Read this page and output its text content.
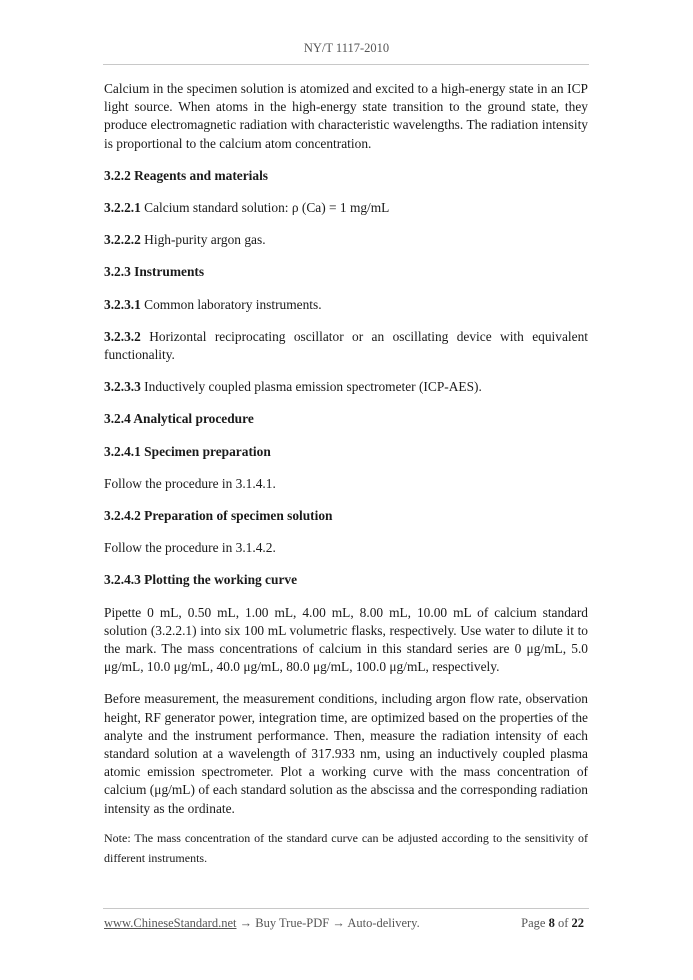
NY/T 1117-2010

Calcium in the specimen solution is atomized and excited to a high-energy state in an ICP light source. When atoms in the high-energy state transition to the ground state, they produce electromagnetic radiation with characteristic wavelengths. The radiation intensity is proportional to the calcium atom concentration.

3.2.2 Reagents and materials

3.2.2.1 Calcium standard solution: ρ (Ca) = 1 mg/mL

3.2.2.2 High-purity argon gas.

3.2.3 Instruments

3.2.3.1 Common laboratory instruments.

3.2.3.2 Horizontal reciprocating oscillator or an oscillating device with equivalent functionality.

3.2.3.3 Inductively coupled plasma emission spectrometer (ICP-AES).

3.2.4 Analytical procedure

3.2.4.1 Specimen preparation

Follow the procedure in 3.1.4.1.

3.2.4.2 Preparation of specimen solution

Follow the procedure in 3.1.4.2.

3.2.4.3 Plotting the working curve

Pipette 0 mL, 0.50 mL, 1.00 mL, 4.00 mL, 8.00 mL, 10.00 mL of calcium standard solution (3.2.2.1) into six 100 mL volumetric flasks, respectively. Use water to dilute it to the mark. The mass concentrations of calcium in this standard series are 0 μg/mL, 5.0 μg/mL, 10.0 μg/mL, 40.0 μg/mL, 80.0 μg/mL, 100.0 μg/mL, respectively.

Before measurement, the measurement conditions, including argon flow rate, observation height, RF generator power, integration time, are optimized based on the properties of the analyte and the instrument performance. Then, measure the radiation intensity of each standard solution at a wavelength of 317.933 nm, using an inductively coupled plasma atomic emission spectrometer. Plot a working curve with the mass concentration of calcium (μg/mL) of each standard solution as the abscissa and the corresponding radiation intensity as the ordinate.

Note: The mass concentration of the standard curve can be adjusted according to the sensitivity of different instruments.

www.ChineseStandard.net → Buy True-PDF → Auto-delivery.	Page 8 of 22
